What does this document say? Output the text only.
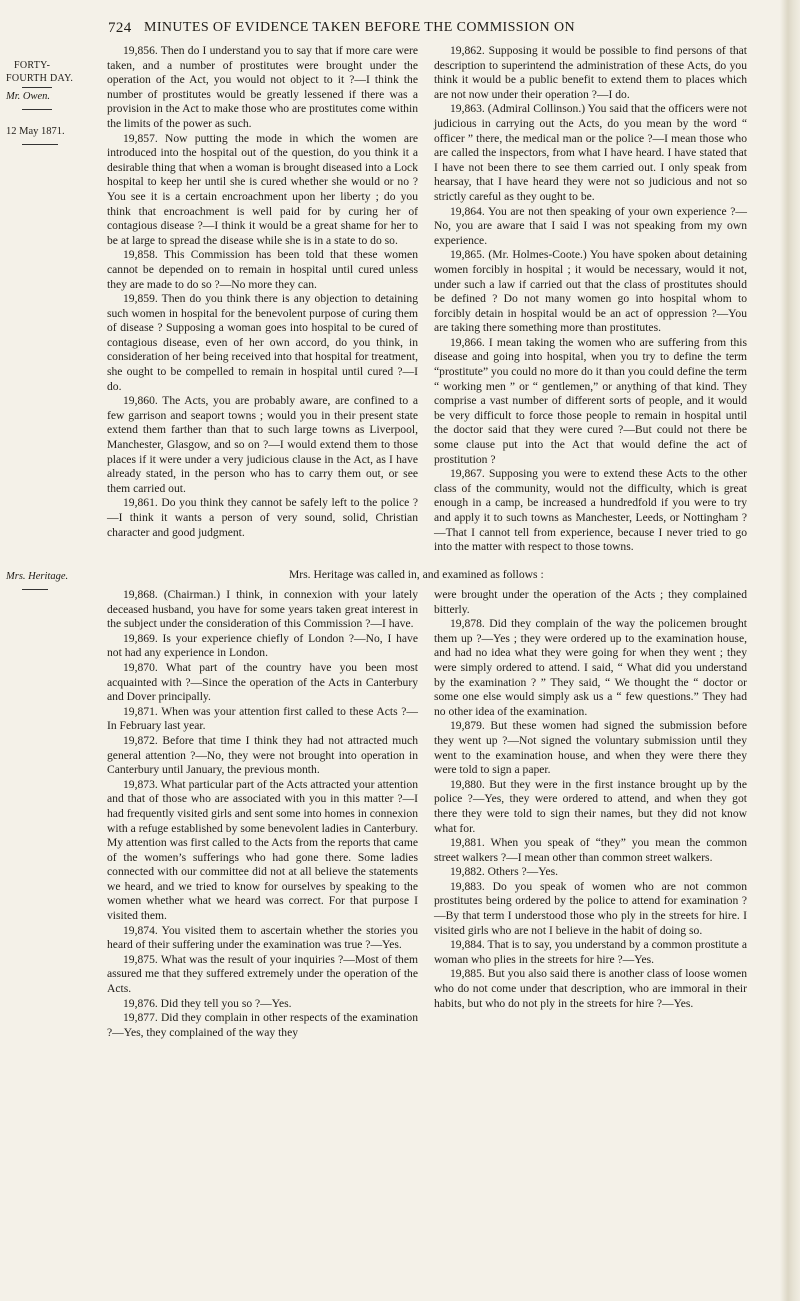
724 MINUTES OF EVIDENCE TAKEN BEFORE THE COMMISSION ON
FORTY-
FOURTH DAY.
Mr. Owen.
12 May 1871.
Mrs. Heritage.

19,856. Then do I understand you to say that if more care were taken, and a number of prostitutes were brought under the operation of the Act, you would not object to it ?—I think the number of prostitutes would be greatly lessened if there was a provision in the Act to make those who are prostitutes come within the limits of the power as such.

19,857. Now putting the mode in which the women are introduced into the hospital out of the question, do you think it a desirable thing that when a woman is brought diseased into a Lock hospital to keep her until she is cured whether she would or no ? You see it is a certain encroachment upon her liberty ; do you think that encroachment is well paid for by curing her of contagious disease ?—I think it would be a great shame for her to be at large to spread the disease while she is in a state to do so.

19,858. This Commission has been told that these women cannot be depended on to remain in hospital until cured unless they are made to do so ?—No more they can.

19,859. Then do you think there is any objection to detaining such women in hospital for the benevolent purpose of curing them of disease ? Supposing a woman goes into hospital to be cured of contagious disease, even of her own accord, do you think, in consideration of her being received into that hospital for treatment, she ought to be compelled to remain in hospital until cured ?—I do.

19,860. The Acts, you are probably aware, are confined to a few garrison and seaport towns ; would you in their present state extend them farther than that to such large towns as Liverpool, Manchester, Glasgow, and so on ?—I would extend them to those places if it were under a very judicious clause in the Act, as I have already stated, in the person who has to carry them out, or see them carried out.

19,861. Do you think they cannot be safely left to the police ?—I think it wants a person of very sound, solid, Christian character and good judgment.

19,862. Supposing it would be possible to find persons of that description to superintend the administration of these Acts, do you think it would be a public benefit to extend them to places which are not now under their operation ?—I do.

19,863. (Admiral Collinson.) You said that the officers were not judicious in carrying out the Acts, do you mean by the word “ officer ” there, the medical man or the police ?—I mean those who are called the inspectors, from what I have heard. I have stated that I have not been there to see them carried out. I only speak from hearsay, that I have heard they were not so judicious and not so strictly careful as they ought to be.

19,864. You are not then speaking of your own experience ?—No, you are aware that I said I was not speaking from my own experience.

19,865. (Mr. Holmes-Coote.) You have spoken about detaining women forcibly in hospital ; it would be necessary, would it not, under such a law if carried out that the class of prostitutes should be defined ? Do not many women go into hospital whom to forcibly detain in hospital would be an act of oppression ?—You are taking there something more than prostitutes.

19,866. I mean taking the women who are suffering from this disease and going into hospital, when you try to define the term “prostitute” you could no more do it than you could define the term “ working men ” or “ gentlemen,” or anything of that kind. They comprise a vast number of different sorts of people, and it would be very difficult to force those people to remain in hospital until the doctor said that they were cured ?—But could not there be some clause put into the Act that would define the act of prostitution ?

19,867. Supposing you were to extend these Acts to the other class of the community, would not the difficulty, which is great enough in a camp, be increased a hundredfold if you were to try and apply it to such towns as Manchester, Leeds, or Nottingham ?—That I cannot tell from experience, because I never tried to go into the matter with respect to those towns.

Mrs. Heritage was called in, and examined as follows :

19,868. (Chairman.) I think, in connexion with your lately deceased husband, you have for some years taken great interest in the subject under the consideration of this Commission ?—I have.

19,869. Is your experience chiefly of London ?—No, I have not had any experience in London.

19,870. What part of the country have you been most acquainted with ?—Since the operation of the Acts in Canterbury and Dover principally.

19,871. When was your attention first called to these Acts ?—In February last year.

19,872. Before that time I think they had not attracted much general attention ?—No, they were not brought into operation in Canterbury until January, the previous month.

19,873. What particular part of the Acts attracted your attention and that of those who are associated with you in this matter ?—I had frequently visited girls and sent some into homes in connexion with a refuge established by some benevolent ladies in Canterbury. My attention was first called to the Acts from the reports that came of the women’s sufferings who had gone there. Some ladies connected with our committee did not at all believe the statements we heard, and we tried to know for ourselves by speaking to the women whether what we heard was correct. For that purpose I visited them.

19,874. You visited them to ascertain whether the stories you heard of their suffering under the examination was true ?—Yes.

19,875. What was the result of your inquiries ?—Most of them assured me that they suffered extremely under the operation of the Acts.

19,876. Did they tell you so ?—Yes.

19,877. Did they complain in other respects of the examination ?—Yes, they complained of the way they

were brought under the operation of the Acts ; they complained bitterly.

19,878. Did they complain of the way the policemen brought them up ?—Yes ; they were ordered up to the examination house, and had no idea what they were going for when they went ; they were simply ordered to attend. I said, “ What did you understand by the examination ? ” They said, “ We thought the “ doctor or some one else would simply ask us a “ few questions.” They had no other idea of the examination.

19,879. But these women had signed the submission before they went up ?—Not signed the voluntary submission until they went to the examination house, and when they were there they were told to sign a paper.

19,880. But they were in the first instance brought up by the police ?—Yes, they were ordered to attend, and when they got there they were told to sign their names, but they did not know what for.

19,881. When you speak of “they” you mean the common street walkers ?—I mean other than common street walkers.

19,882. Others ?—Yes.

19,883. Do you speak of women who are not common prostitutes being ordered by the police to attend for examination ?—By that term I understood those who ply in the streets for hire. I visited girls who are not I believe in the habit of doing so.

19,884. That is to say, you understand by a common prostitute a woman who plies in the streets for hire ?—Yes.

19,885. But you also said there is another class of loose women who do not come under that description, who are immoral in their habits, but who do not ply in the streets for hire ?—Yes.
